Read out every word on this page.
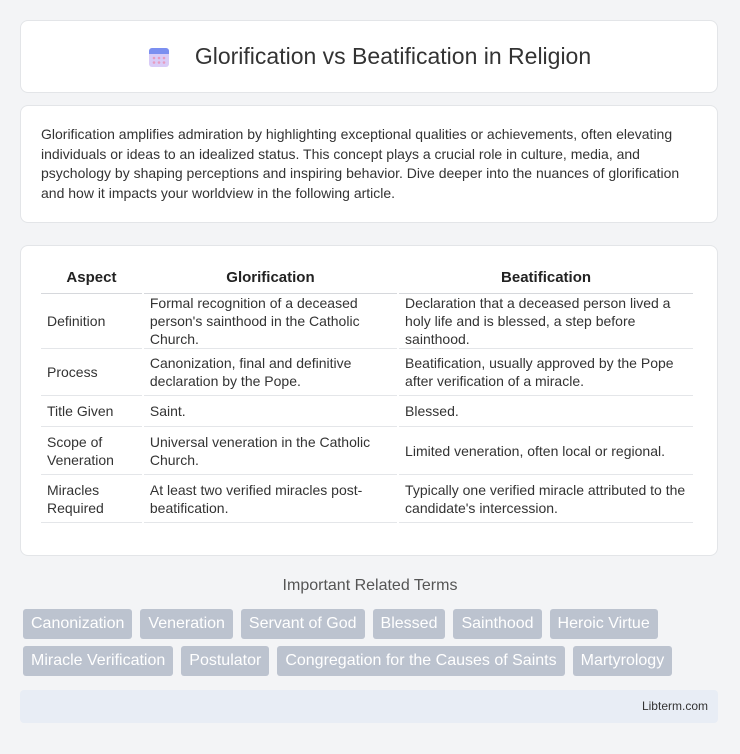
Glorification vs Beatification in Religion

Glorification amplifies admiration by highlighting exceptional qualities or achievements, often elevating individuals or ideas to an idealized status. This concept plays a crucial role in culture, media, and psychology by shaping perceptions and inspiring behavior. Dive deeper into the nuances of glorification and how it impacts your worldview in the following article.

Aspect	Glorification	Beatification
Definition	Formal recognition of a deceased person's sainthood in the Catholic Church.	Declaration that a deceased person lived a holy life and is blessed, a step before sainthood.
Process	Canonization, final and definitive declaration by the Pope.	Beatification, usually approved by the Pope after verification of a miracle.
Title Given	Saint.	Blessed.
Scope of Veneration	Universal veneration in the Catholic Church.	Limited veneration, often local or regional.
Miracles Required	At least two verified miracles post-beatification.	Typically one verified miracle attributed to the candidate's intercession.
Important Related Terms
Canonization	Veneration	Servant of God	Blessed	Sainthood	Heroic Virtue
Miracle Verification	Postulator	Congregation for the Causes of Saints	Martyrology
Libterm.com
